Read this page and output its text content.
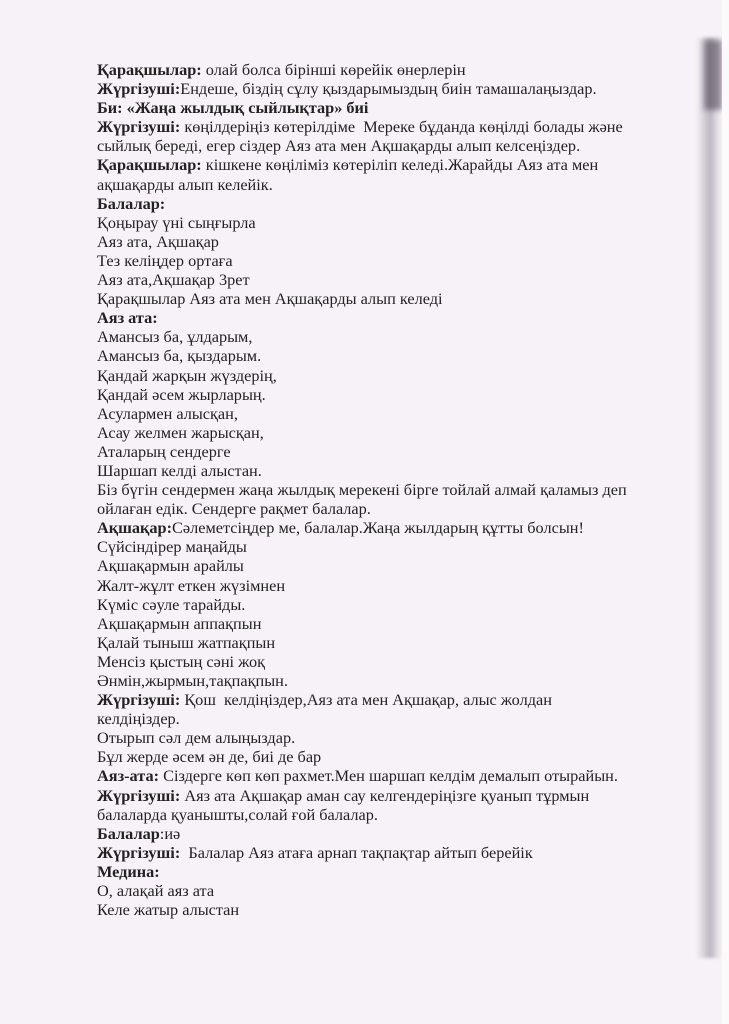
Қарақшылар: олай болса бірінші көрейік өнерлерін
Жүргізуші:Ендеше, біздің сұлу қыздарымыздың биін тамашалаңыздар.
Би: «Жаңа жылдық сыйлықтар» биі
Жүргізуші: көңілдеріңіз көтерілдіме  Мереке бұданда көңілді болады және
сыйлық береді, егер сіздер Аяз ата мен Ақшақарды алып келсеңіздер.
Қарақшылар: кішкене көңіліміз көтеріліп келеді.Жарайды Аяз ата мен
ақшақарды алып келейік.
Балалар:
Қоңырау үні сыңғырла
Аяз ата, Ақшақар
Тез келіңдер ортаға
Аяз ата,Ақшақар 3рет
Қарақшылар Аяз ата мен Ақшақарды алып келеді
Аяз ата:
Амансыз ба, ұлдарым,
Амансыз ба, қыздарым.
Қандай жарқын жүздерің,
Қандай әсем жырларың.
Асулармен алысқан,
Асау желмен жарысқан,
Аталарың сендерге
Шаршап келді алыстан.
Біз бүгін сендермен жаңа жылдық мерекені бірге тойлай алмай қаламыз деп
ойлаған едік. Сендерге рақмет балалар.
Ақшақар:Сәлеметсіңдер ме, балалар.Жаңа жылдарың құтты болсын!
Сүйсіндірер маңайды
Ақшақармын арайлы
Жалт-жұлт еткен жүзімнен
Күміс сәуле тарайды.
Ақшақармын аппақпын
Қалай тыныш жатпақпын
Менсіз қыстың сәні жоқ
Әнмін,жырмын,тақпақпын.
Жүргізуші: Қош  келдіңіздер,Аяз ата мен Ақшақар, алыс жолдан
келдіңіздер.
Отырып сәл дем алыңыздар.
Бұл жерде әсем ән де, биі де бар
Аяз-ата: Сіздерге көп көп рахмет.Мен шаршап келдім демалып отырайын.
Жүргізуші: Аяз ата Ақшақар аман сау келгендеріңізге қуанып тұрмын
балаларда қуанышты,солай ғой балалар.
Балалар:иә
Жүргізуші:  Балалар Аяз атаға арнап тақпақтар айтып берейік
Медина:
О, алақай аяз ата
Келе жатыр алыстан
